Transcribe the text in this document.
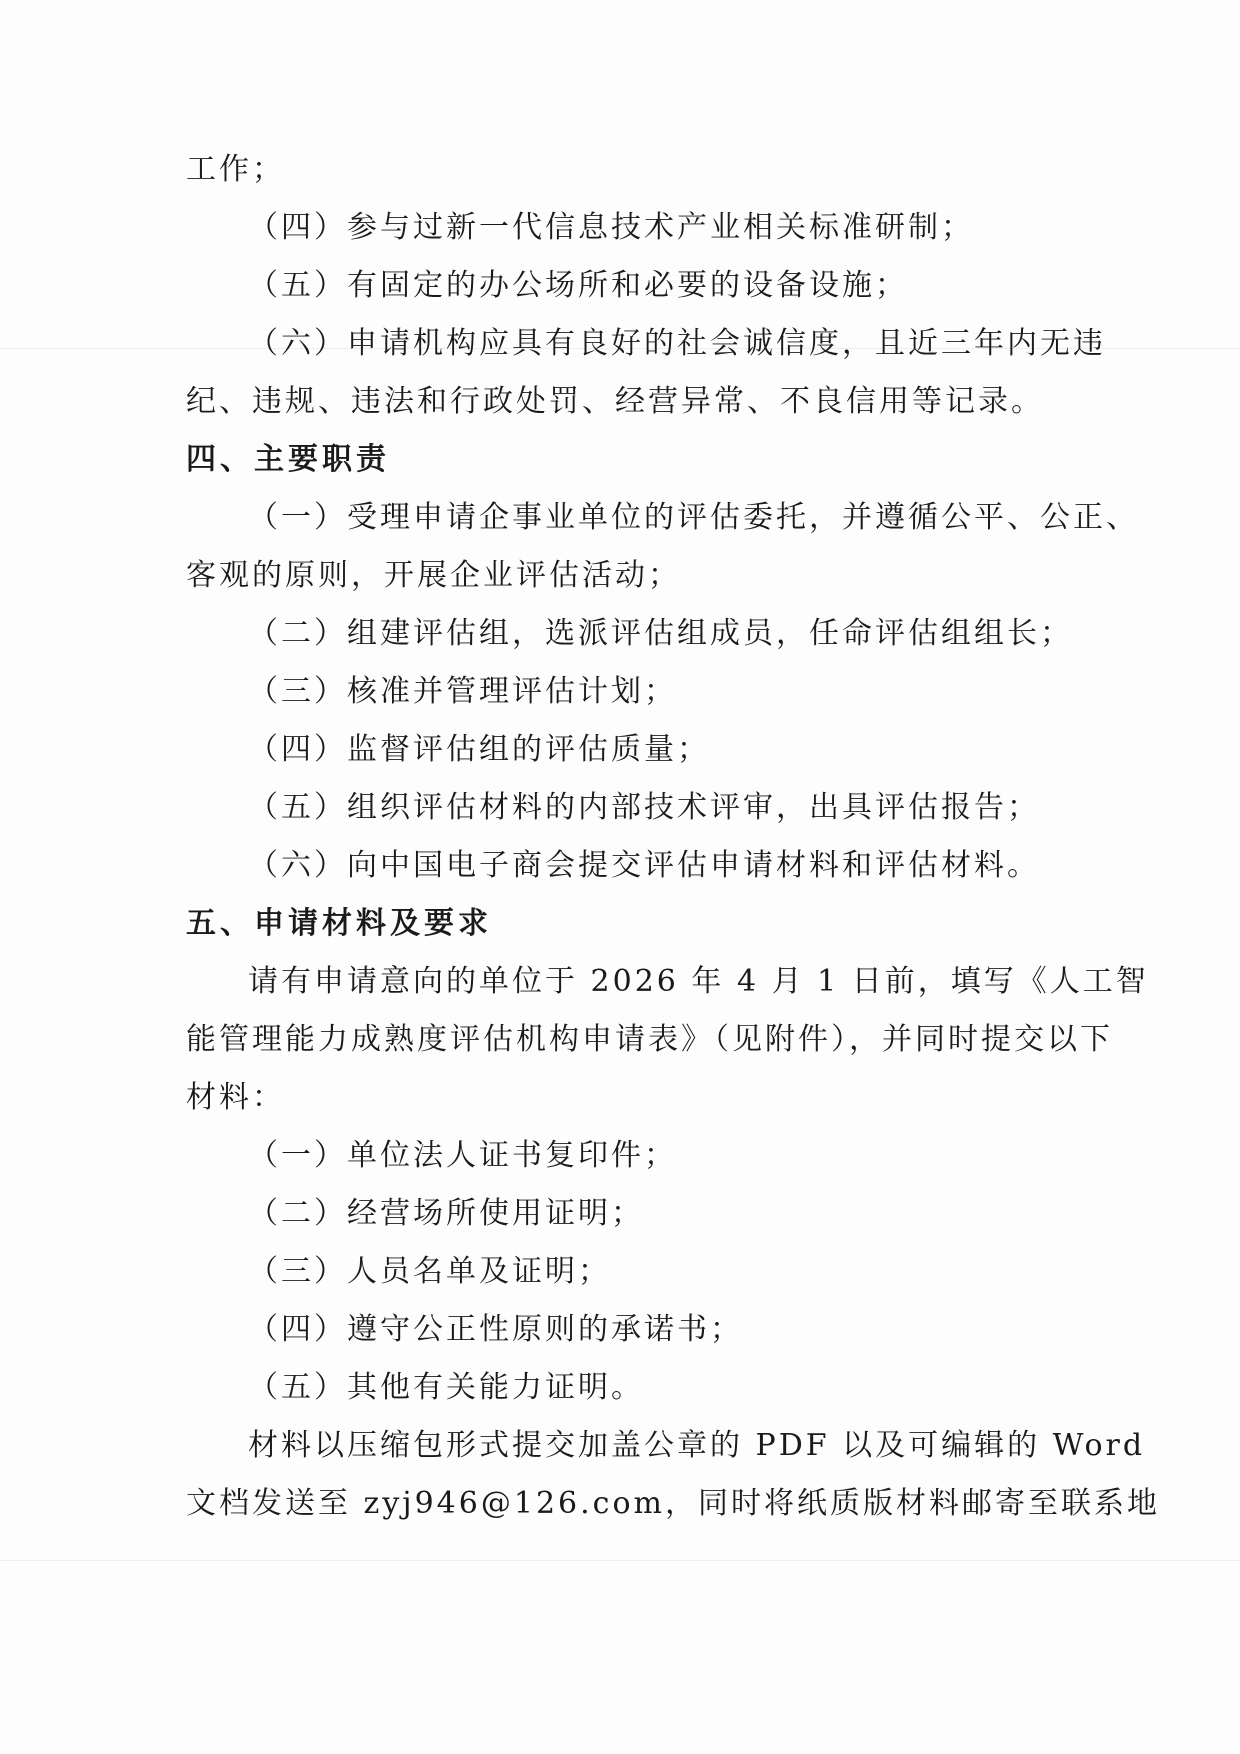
工作；
（四）参与过新一代信息技术产业相关标准研制；
（五）有固定的办公场所和必要的设备设施；
（六）申请机构应具有良好的社会诚信度，且近三年内无违
纪、违规、违法和行政处罚、经营异常、不良信用等记录。
四、主要职责
（一）受理申请企事业单位的评估委托，并遵循公平、公正、
客观的原则，开展企业评估活动；
（二）组建评估组，选派评估组成员，任命评估组组长；
（三）核准并管理评估计划；
（四）监督评估组的评估质量；
（五）组织评估材料的内部技术评审，出具评估报告；
（六）向中国电子商会提交评估申请材料和评估材料。
五、申请材料及要求
请有申请意向的单位于 2026 年 4 月 1 日前，填写《人工智
能管理能力成熟度评估机构申请表》（见附件），并同时提交以下
材料：
（一）单位法人证书复印件；
（二）经营场所使用证明；
（三）人员名单及证明；
（四）遵守公正性原则的承诺书；
（五）其他有关能力证明。
材料以压缩包形式提交加盖公章的 PDF 以及可编辑的 Word
文档发送至 zyj946@126.com，同时将纸质版材料邮寄至联系地
